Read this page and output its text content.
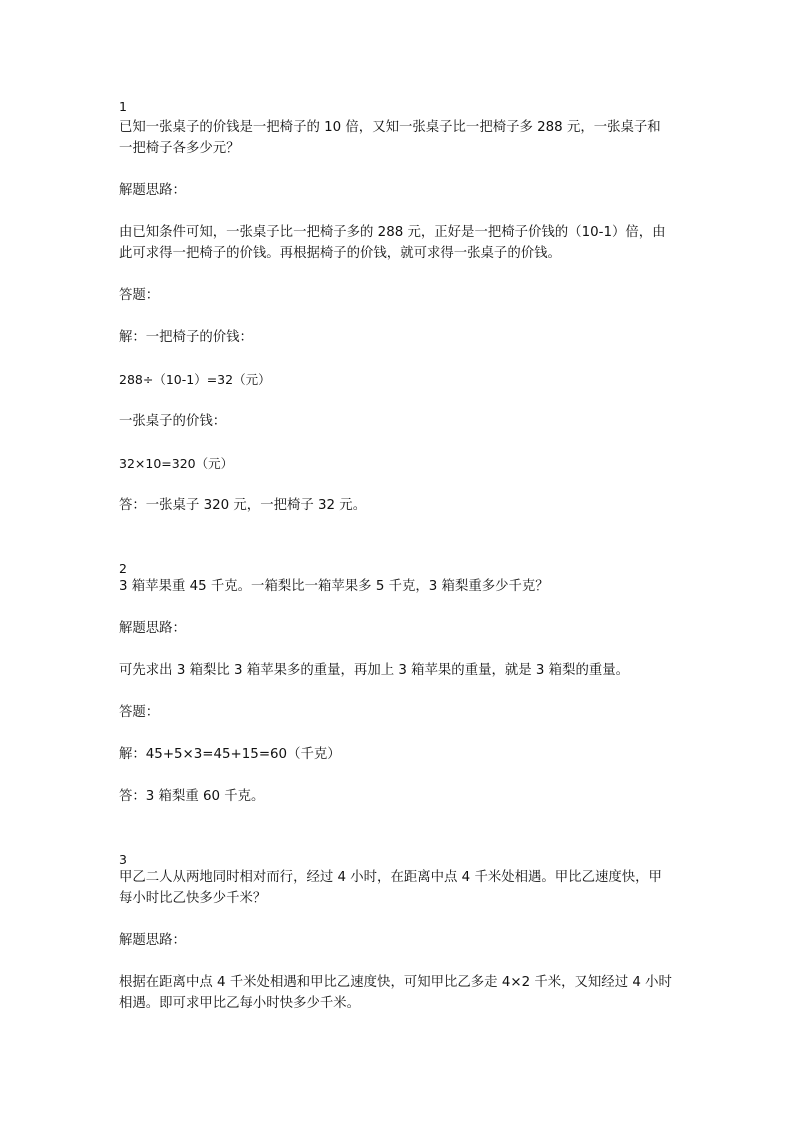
1

已知一张桌子的价钱是一把椅子的 10 倍，又知一张桌子比一把椅子多 288 元，一张桌子和

一把椅子各多少元？

解题思路：

由已知条件可知，一张桌子比一把椅子多的 288 元，正好是一把椅子价钱的（10-1）倍，由

此可求得一把椅子的价钱。再根据椅子的价钱，就可求得一张桌子的价钱。

答题：

解：一把椅子的价钱：

288÷（10-1）=32（元）

一张桌子的价钱：

32×10=320（元）

答：一张桌子 320 元，一把椅子 32 元。

2

3 箱苹果重 45 千克。一箱梨比一箱苹果多 5 千克，3 箱梨重多少千克？

解题思路：

可先求出 3 箱梨比 3 箱苹果多的重量，再加上 3 箱苹果的重量，就是 3 箱梨的重量。

答题：

解：45+5×3=45+15=60（千克）

答：3 箱梨重 60 千克。

3

甲乙二人从两地同时相对而行，经过 4 小时，在距离中点 4 千米处相遇。甲比乙速度快，甲

每小时比乙快多少千米？

解题思路：

根据在距离中点 4 千米处相遇和甲比乙速度快，可知甲比乙多走 4×2 千米，又知经过 4 小时

相遇。即可求甲比乙每小时快多少千米。
